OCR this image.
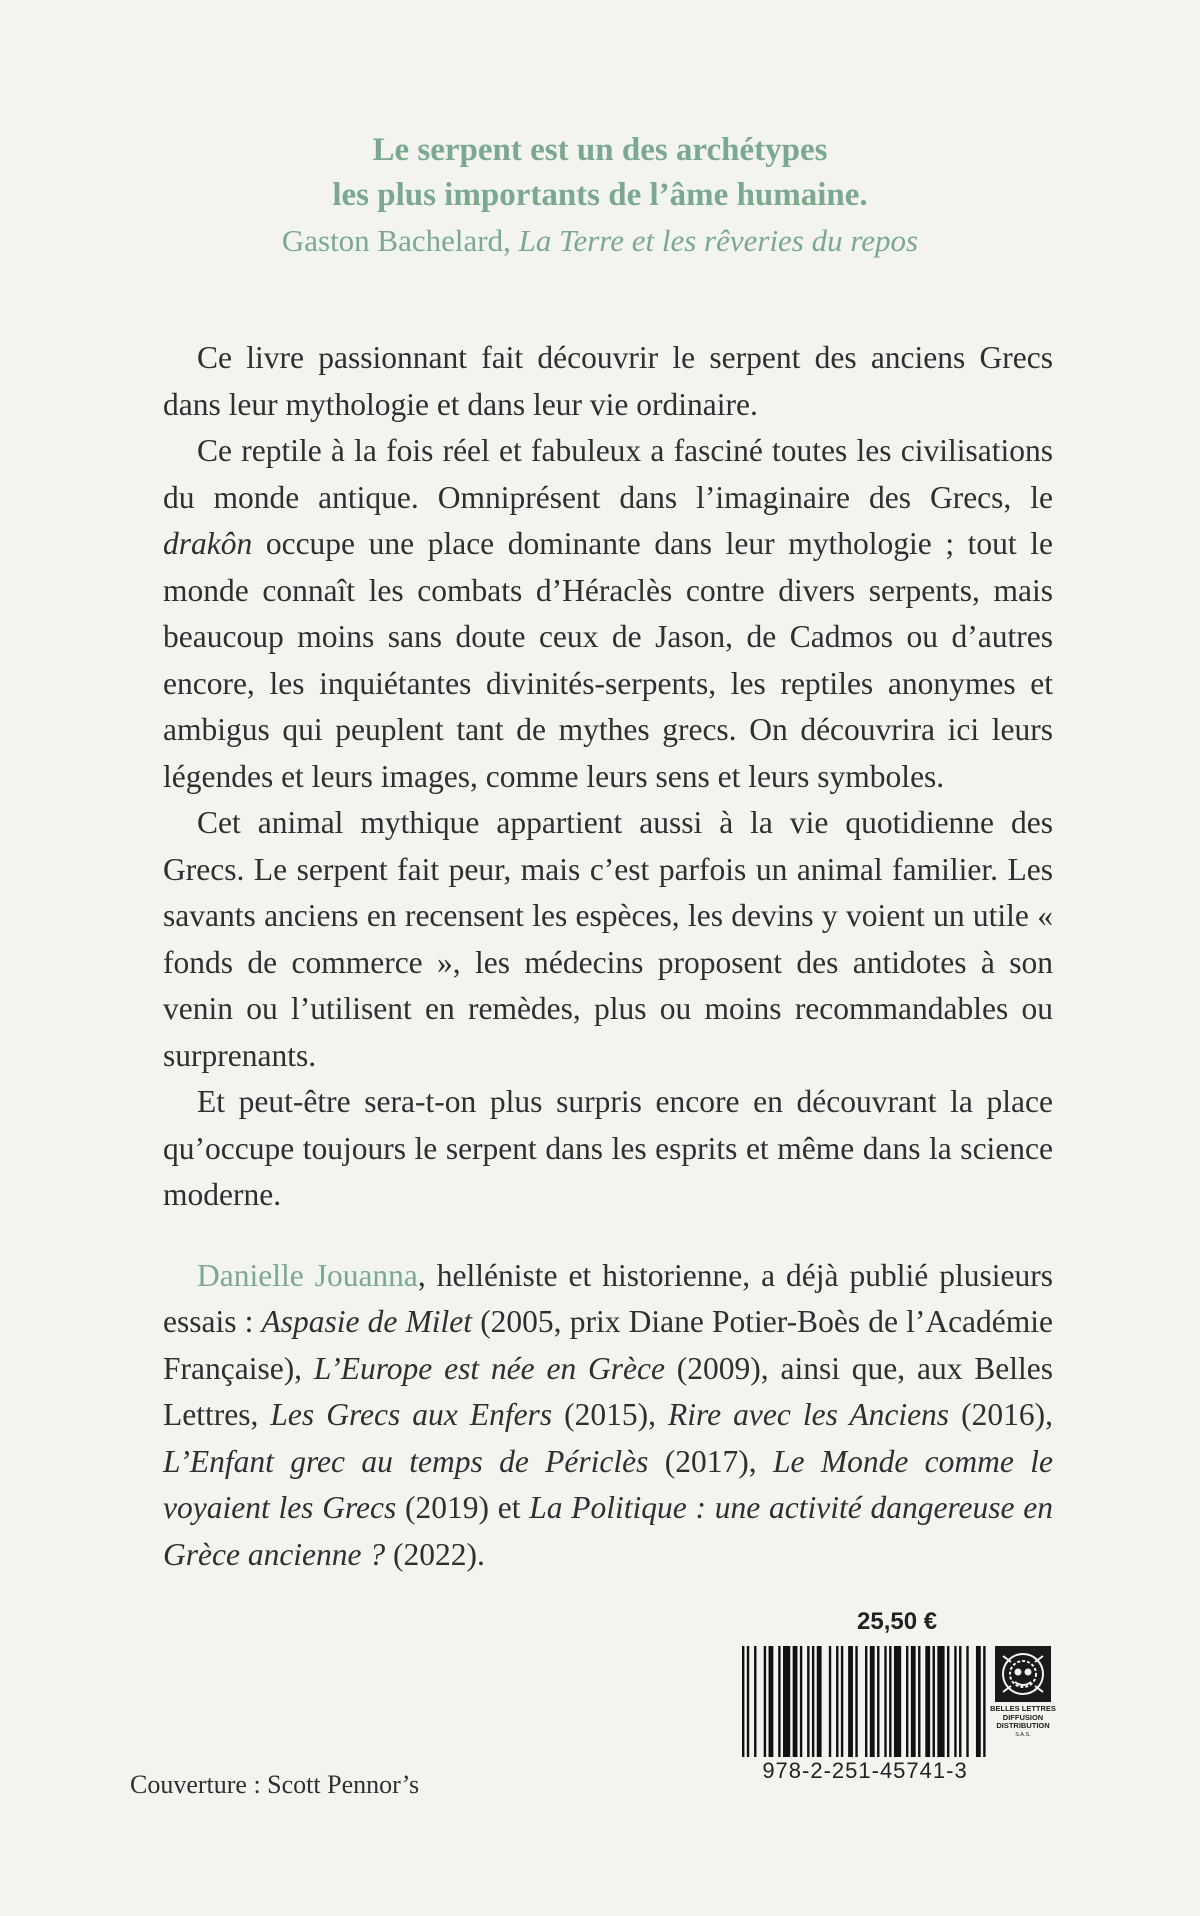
Le serpent est un des archétypes
les plus importants de l’âme humaine.
Gaston Bachelard, La Terre et les rêveries du repos

Ce livre passionnant fait découvrir le serpent des anciens Grecs dans leur mythologie et dans leur vie ordinaire.

Ce reptile à la fois réel et fabuleux a fasciné toutes les civilisations du monde antique. Omniprésent dans l’imaginaire des Grecs, le drakôn occupe une place dominante dans leur mythologie ; tout le monde connaît les combats d’Héraclès contre divers serpents, mais beaucoup moins sans doute ceux de Jason, de Cadmos ou d’autres encore, les inquiétantes divinités-serpents, les reptiles anonymes et ambigus qui peuplent tant de mythes grecs. On découvrira ici leurs légendes et leurs images, comme leurs sens et leurs symboles.

Cet animal mythique appartient aussi à la vie quotidienne des Grecs. Le serpent fait peur, mais c’est parfois un animal familier. Les savants anciens en recensent les espèces, les devins y voient un utile « fonds de commerce », les médecins proposent des antidotes à son venin ou l’utilisent en remèdes, plus ou moins recommandables ou surprenants.

Et peut-être sera-t-on plus surpris encore en découvrant la place qu’occupe toujours le serpent dans les esprits et même dans la science moderne.

Danielle Jouanna, helléniste et historienne, a déjà publié plusieurs essais : Aspasie de Milet (2005, prix Diane Potier-Boès de l’Académie Française), L’Europe est née en Grèce (2009), ainsi que, aux Belles Lettres, Les Grecs aux Enfers (2015), Rire avec les Anciens (2016), L’Enfant grec au temps de Périclès (2017), Le Monde comme le voyaient les Grecs (2019) et La Politique : une activité dangereuse en Grèce ancienne ? (2022).

Couverture : Scott Pennor’s
25,50 €
978-2-251-45741-3
BELLES LETTRES
DIFFUSION
DISTRIBUTION
S.A.S.
